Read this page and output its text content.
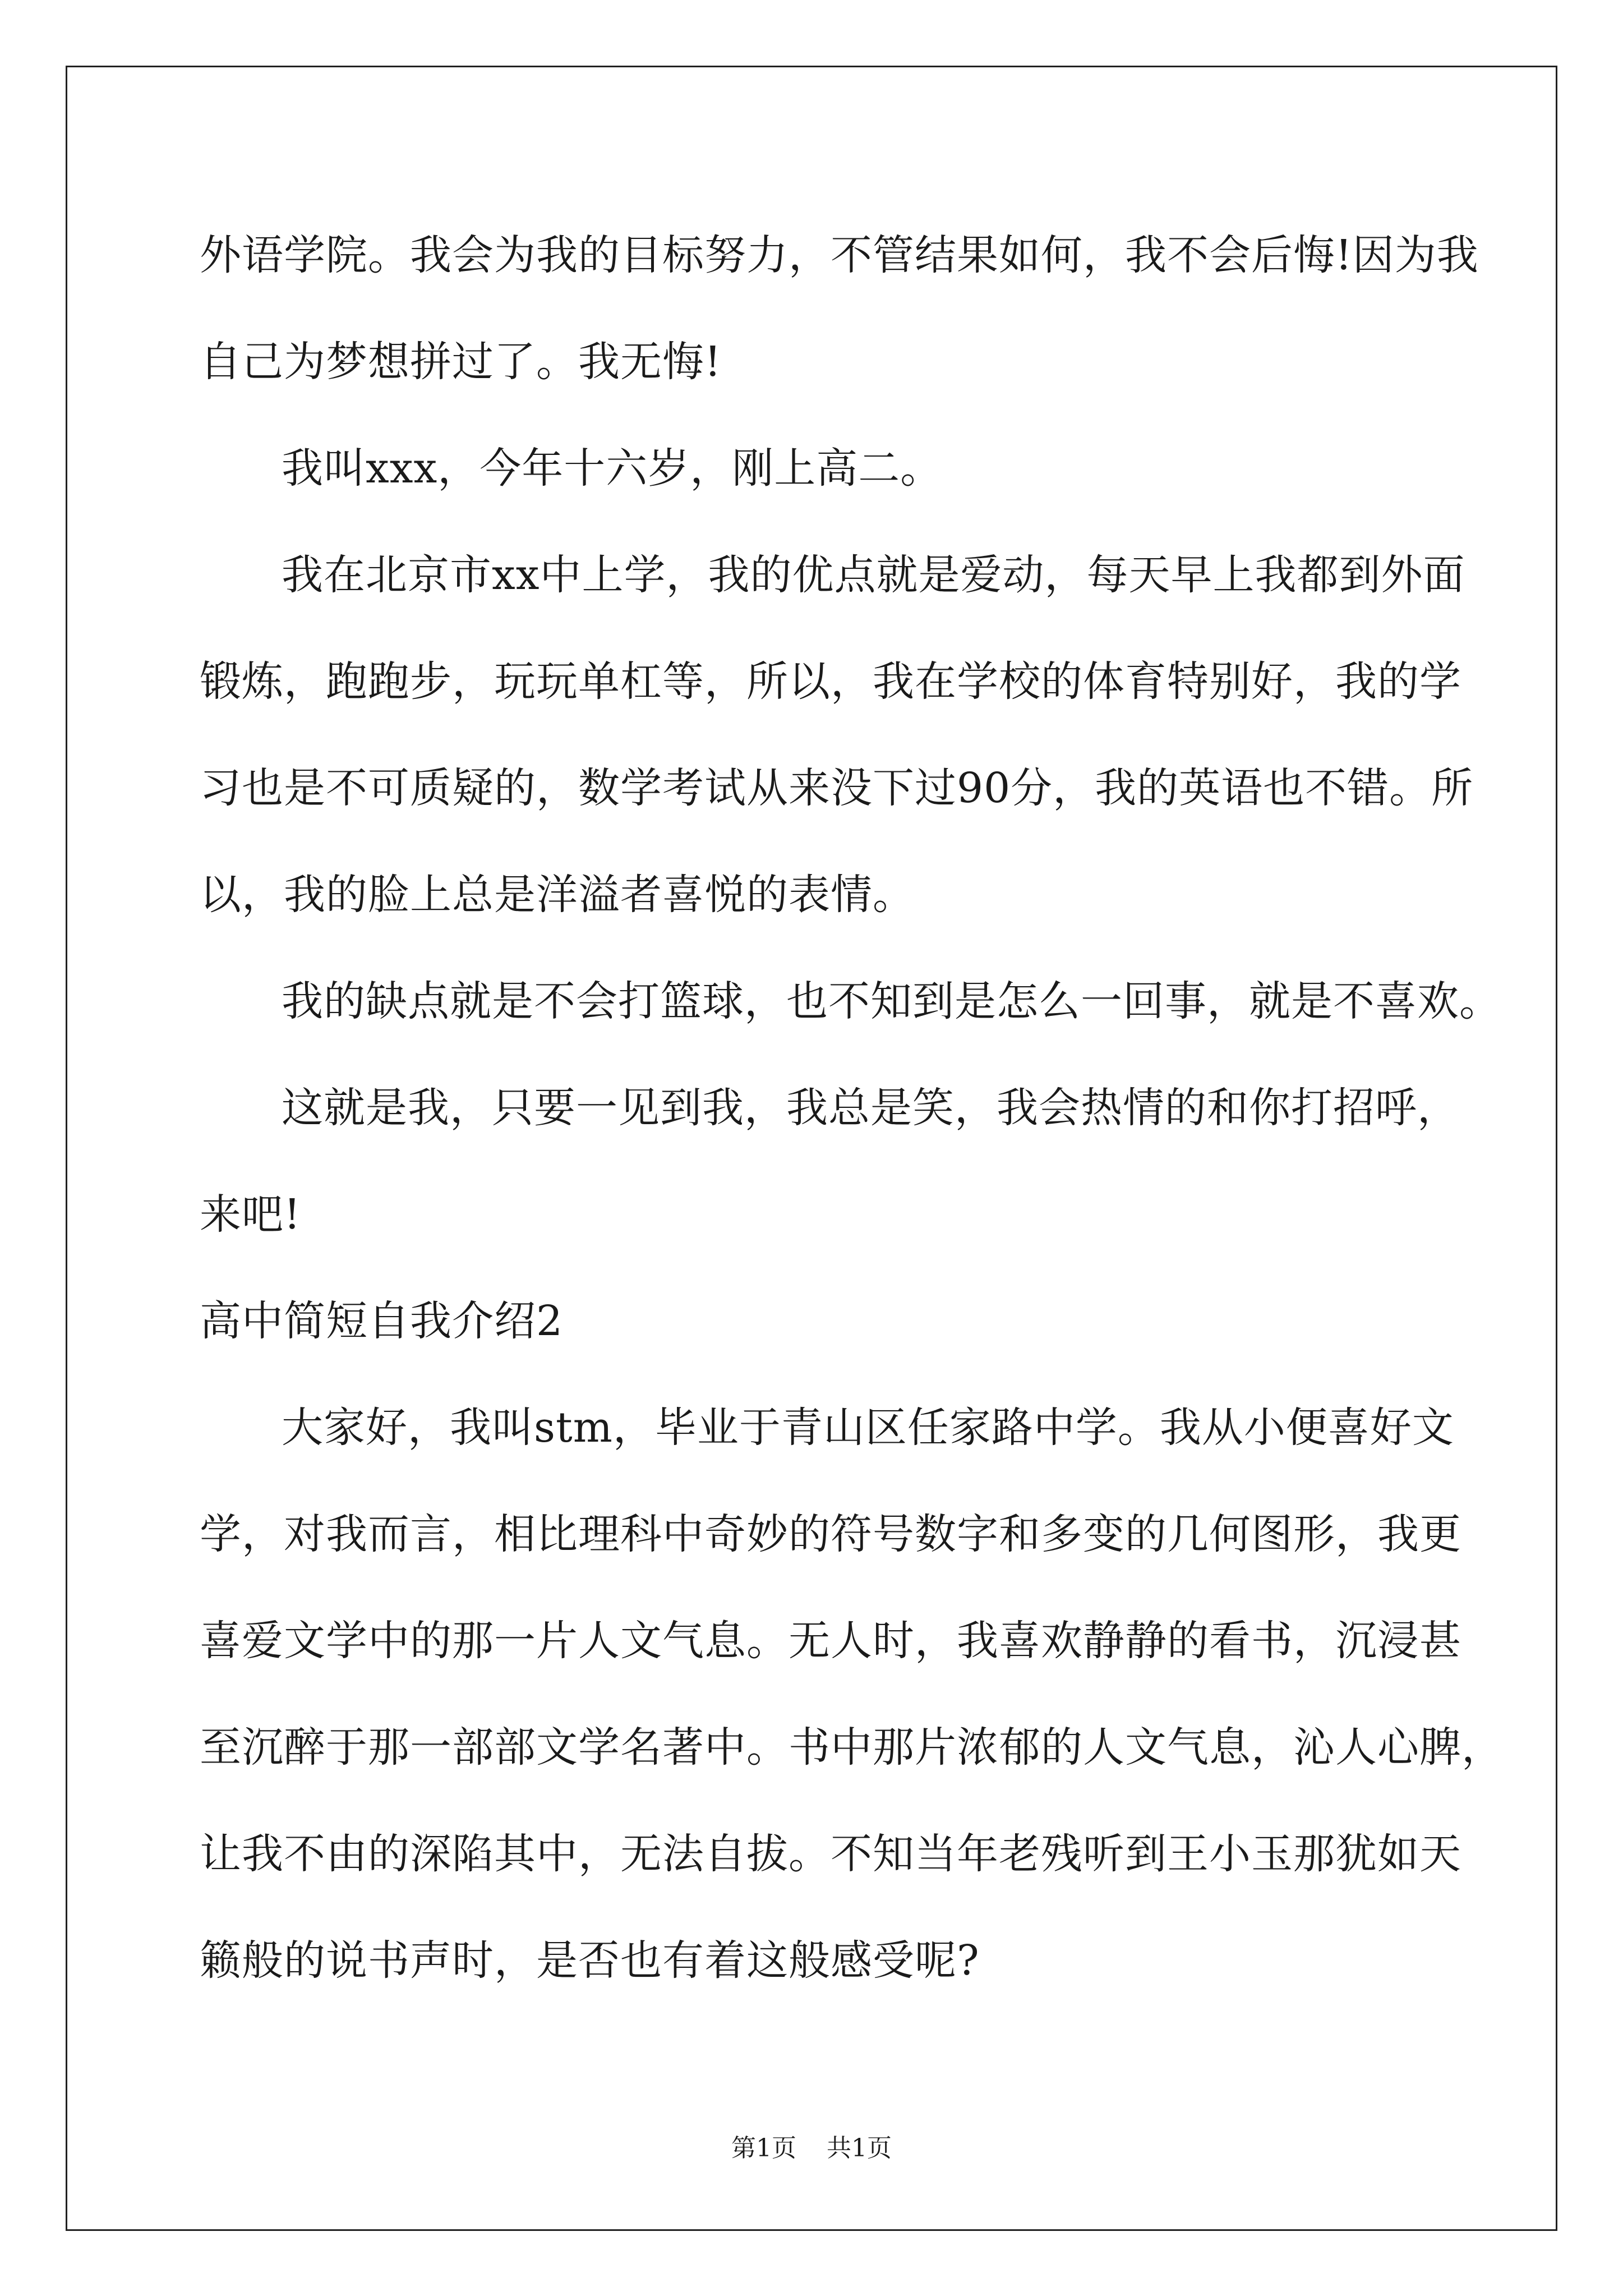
外语学院。我会为我的目标努力，不管结果如何，我不会后悔!因为我
自己为梦想拼过了。我无悔!
我叫xxx，今年十六岁，刚上高二。
我在北京市xx中上学，我的优点就是爱动，每天早上我都到外面
锻炼，跑跑步，玩玩单杠等，所以，我在学校的体育特别好，我的学
习也是不可质疑的，数学考试从来没下过90分，我的英语也不错。所
以，我的脸上总是洋溢者喜悦的表情。
我的缺点就是不会打篮球，也不知到是怎么一回事，就是不喜欢。
这就是我，只要一见到我，我总是笑，我会热情的和你打招呼，
来吧!
高中简短自我介绍2
大家好，我叫stm，毕业于青山区任家路中学。我从小便喜好文
学，对我而言，相比理科中奇妙的符号数字和多变的几何图形，我更
喜爱文学中的那一片人文气息。无人时，我喜欢静静的看书，沉浸甚
至沉醉于那一部部文学名著中。书中那片浓郁的人文气息，沁人心脾，
让我不由的深陷其中，无法自拔。不知当年老残听到王小玉那犹如天
籁般的说书声时，是否也有着这般感受呢?
第1页 共1页
